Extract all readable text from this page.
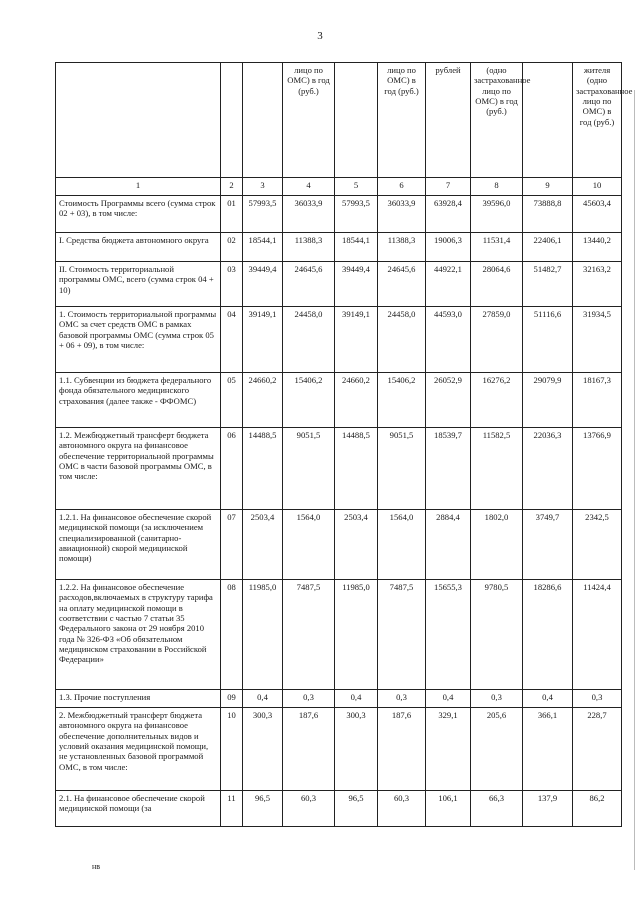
3
			лицо по ОМС) в год (руб.)		лицо по ОМС) в год (руб.)	рублей	(одно застрахованное лицо по ОМС) в год (руб.)		жителя (одно застрахованное лицо по ОМС) в год (руб.)
1	2	3	4	5	6	7	8	9	10
Стоимость Программы всего (сумма строк 02 + 03), в том числе:	01	57993,5	36033,9	57993,5	36033,9	63928,4	39596,0	73888,8	45603,4
I. Средства бюджета автономного округа	02	18544,1	11388,3	18544,1	11388,3	19006,3	11531,4	22406,1	13440,2
II. Стоимость территориальной программы ОМС, всего (сумма строк 04 + 10)	03	39449,4	24645,6	39449,4	24645,6	44922,1	28064,6	51482,7	32163,2
1. Стоимость территориальной программы ОМС за счет средств ОМС в рамках базовой программы ОМС (сумма строк 05 + 06 + 09), в том числе:	04	39149,1	24458,0	39149,1	24458,0	44593,0	27859,0	51116,6	31934,5
1.1. Субвенции из бюджета федерального фонда обязательного медицинского страхования (далее также - ФФОМС)	05	24660,2	15406,2	24660,2	15406,2	26052,9	16276,2	29079,9	18167,3
1.2. Межбюджетный трансферт бюджета автономного округа на финансовое обеспечение территориальной программы ОМС в части базовой программы ОМС, в том числе:	06	14488,5	9051,5	14488,5	9051,5	18539,7	11582,5	22036,3	13766,9
1.2.1. На финансовое обеспечение скорой медицинской помощи (за исключением специализированной (санитарно-авиационной) скорой медицинской помощи)	07	2503,4	1564,0	2503,4	1564,0	2884,4	1802,0	3749,7	2342,5
1.2.2. На финансовое обеспечение расходов,включаемых в структуру тарифа на оплату медицинской помощи в соответствии с частью 7 статьи 35 Федерального закона от 29 ноября 2010 года № 326-ФЗ «Об обязательном медицинском страховании в Российской Федерации»	08	11985,0	7487,5	11985,0	7487,5	15655,3	9780,5	18286,6	11424,4
1.3. Прочие поступления	09	0,4	0,3	0,4	0,3	0,4	0,3	0,4	0,3
2. Межбюджетный трансферт бюджета автономного округа на финансовое обеспечение дополнительных видов и условий оказания медицинской помощи, не установленных базовой программой ОМС, в том числе:	10	300,3	187,6	300,3	187,6	329,1	205,6	366,1	228,7
2.1. На финансовое обеспечение скорой медицинской помощи (за	11	96,5	60,3	96,5	60,3	106,1	66,3	137,9	86,2
нв
